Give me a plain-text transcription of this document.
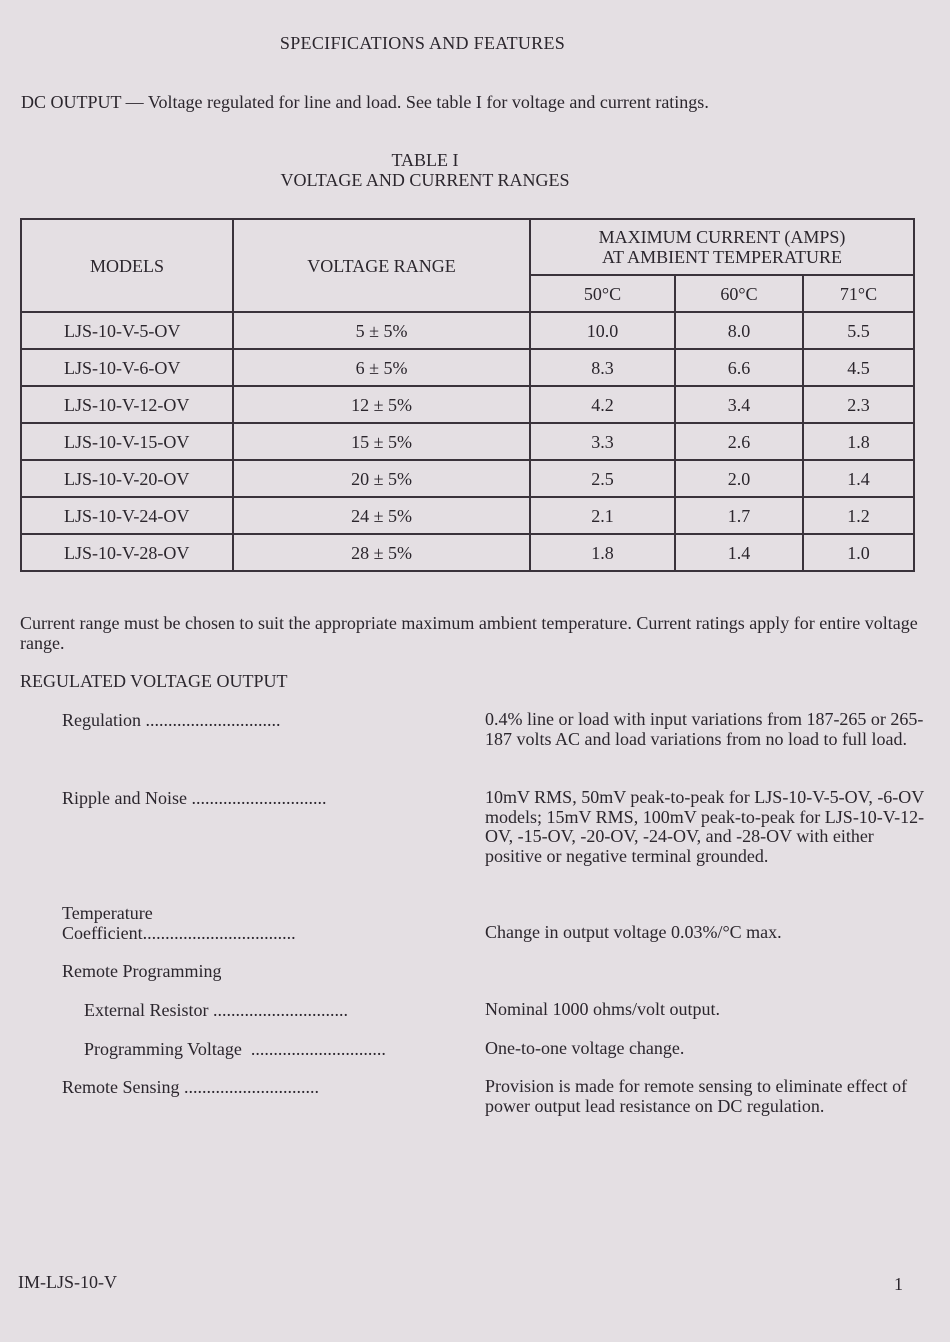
SPECIFICATIONS AND FEATURES
DC OUTPUT — Voltage regulated for line and load. See table I for voltage and current ratings.
TABLE I
VOLTAGE AND CURRENT RANGES
MODELS	VOLTAGE RANGE	MAXIMUM CURRENT (AMPS)
AT AMBIENT TEMPERATURE		

		50°C	60°C	71°C
LJS-10-V-5-OV	5 ± 5%	10.0	8.0	5.5
LJS-10-V-6-OV	6 ± 5%	8.3	6.6	4.5
LJS-10-V-12-OV	12 ± 5%	4.2	3.4	2.3
LJS-10-V-15-OV	15 ± 5%	3.3	2.6	1.8
LJS-10-V-20-OV	20 ± 5%	2.5	2.0	1.4
LJS-10-V-24-OV	24 ± 5%	2.1	1.7	1.2
LJS-10-V-28-OV	28 ± 5%	1.8	1.4	1.0
Current range must be chosen to suit the appropriate maximum ambient temperature. Current ratings apply for entire voltage range.
REGULATED VOLTAGE OUTPUT
Regulation ..............................	0.4% line or load with input variations from 187-265 or 265-187 volts AC and load variations from no load to full load.
Ripple and Noise ..............................	10mV RMS, 50mV peak-to-peak for LJS-10-V-5-OV, -6-OV models; 15mV RMS, 100mV peak-to-peak for LJS-10-V-12-OV, -15-OV, -20-OV, -24-OV, and -28-OV with either positive or negative terminal grounded.
Temperature
Coefficient..................................	Change in output voltage 0.03%/°C max.
Remote Programming
External Resistor ..............................	Nominal 1000 ohms/volt output.
Programming Voltage  ..............................	One-to-one voltage change.
Remote Sensing ..............................	Provision is made for remote sensing to eliminate effect of power output lead resistance on DC regulation.
IM-LJS-10-V	1
